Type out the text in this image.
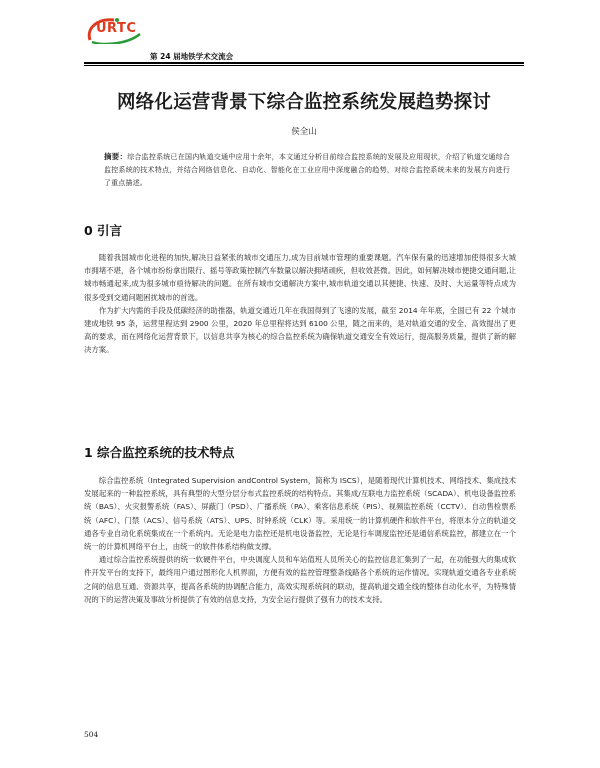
URTC
第 24 届地铁学术交流会
网络化运营背景下综合监控系统发展趋势探讨
侯全山
摘要：综合监控系统已在国内轨道交通中应用十余年，本文通过分析目前综合监控系统的发展及应用现状，介绍了轨道交通综合监控系统的技术特点，并结合网络信息化、自动化、智能化在工业应用中深度融合的趋势，对综合监控系统未来的发展方向进行了重点描述。
0 引言

随着我国城市化进程的加快,解决日益紧张的城市交通压力,成为目前城市管理的重要课题。汽车保有量的迅速增加使得很多大城市拥堵不堪，各个城市纷纷拿出限行、摇号等政策控制汽车数量以解决拥堵顽疾，但收效甚微。因此，如何解决城市便捷交通问题,让城市畅通起来,成为很多城市亟待解决的问题。在所有城市交通解决方案中,城市轨道交通以其便捷、快速、及时、大运量等特点成为很多受到交通问题困扰城市的首选。

作为扩大内需的手段及低碳经济的助推器，轨道交通近几年在我国得到了飞速的发展，截至 2014 年年底，全国已有 22 个城市建成地铁 95 条，运营里程达到 2900 公里，2020 年总里程将达到 6100 公里，随之而来的，是对轨道交通的安全、高效提出了更高的要求，而在网络化运营背景下，以信息共享为核心的综合监控系统为确保轨道交通安全有效运行，提高服务质量，提供了新的解决方案。

1 综合监控系统的技术特点

综合监控系统（Integrated Supervision andControl System，简称为 ISCS），是随着现代计算机技术、网络技术、集成技术发展起来的一种监控系统，具有典型的大型分层分布式监控系统的结构特点。其集成/互联电力监控系统（SCADA）、机电设备监控系统（BAS）、火灾报警系统（FAS）、屏蔽门（PSD）、广播系统（PA）、乘客信息系统（PIS）、视频监控系统（CCTV）、自动售检票系统（AFC）、门禁（ACS）、信号系统（ATS）、UPS、时钟系统（CLK）等。采用统一的计算机硬件和软件平台，将原本分立的轨道交通各专业自动化系统集成在一个系统内。无论是电力监控还是机电设备监控，无论是行车调度监控还是通信系统监控，都建立在一个统一的计算机网络平台上，由统一的软件体系结构做支撑。

通过综合监控系统提供的统一软硬件平台，中央调度人员和车站值班人员所关心的监控信息汇集到了一起，在功能强大的集成软件开发平台的支持下，最终用户通过图形化人机界面，方便有效的监控管理整条线路各个系统的运作情况。实现轨道交通各专业系统之间的信息互通、资源共享，提高各系统的协调配合能力，高效实现系统间的联动，提高轨道交通全线的整体自动化水平，为特殊情况的下的运营决策及事故分析提供了有效的信息支持，为安全运行提供了强有力的技术支持。

504
